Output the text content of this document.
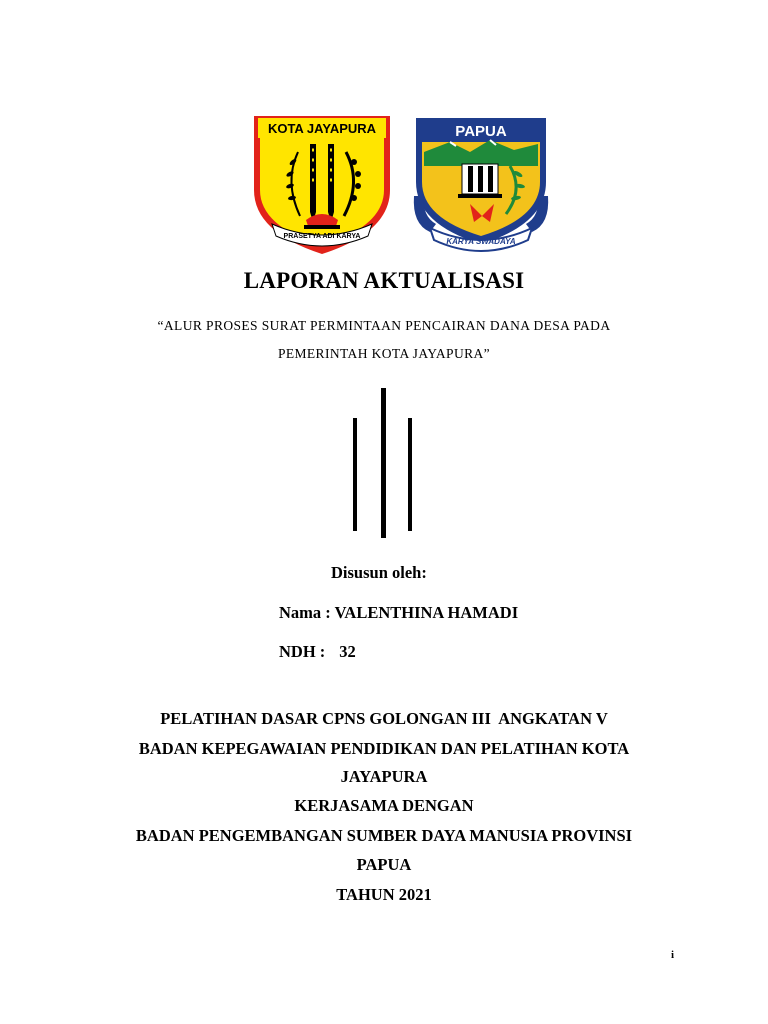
KOTA JAYAPURA
PRASETYA ADI KARYA
PAPUA
KARYA SWADAYA
LAPORAN AKTUALISASI
“ALUR PROSES SURAT PERMINTAAN PENCAIRAN DANA DESA PADA
PEMERINTAH KOTA JAYAPURA”
Disusun oleh:
Nama : VALENTHINA HAMADI
NDH : 32
PELATIHAN DASAR CPNS GOLONGAN III  ANGKATAN V
BADAN KEPEGAWAIAN PENDIDIKAN DAN PELATIHAN KOTA
JAYAPURA
KERJASAMA DENGAN
BADAN PENGEMBANGAN SUMBER DAYA MANUSIA PROVINSI
PAPUA
TAHUN 2021
i
